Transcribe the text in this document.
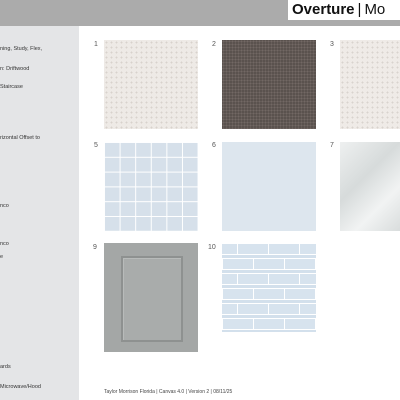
Overture | Mo
ning, Study, Flex,
n: Driftwood
Staircase
rizontal Offset to
nco
nco
e
ards
Microwave/Hood
1	2	3
5	6	7
9	10
Taylor Morrison Florida | Canvas 4.0 | Version 2 | 08/11/25
